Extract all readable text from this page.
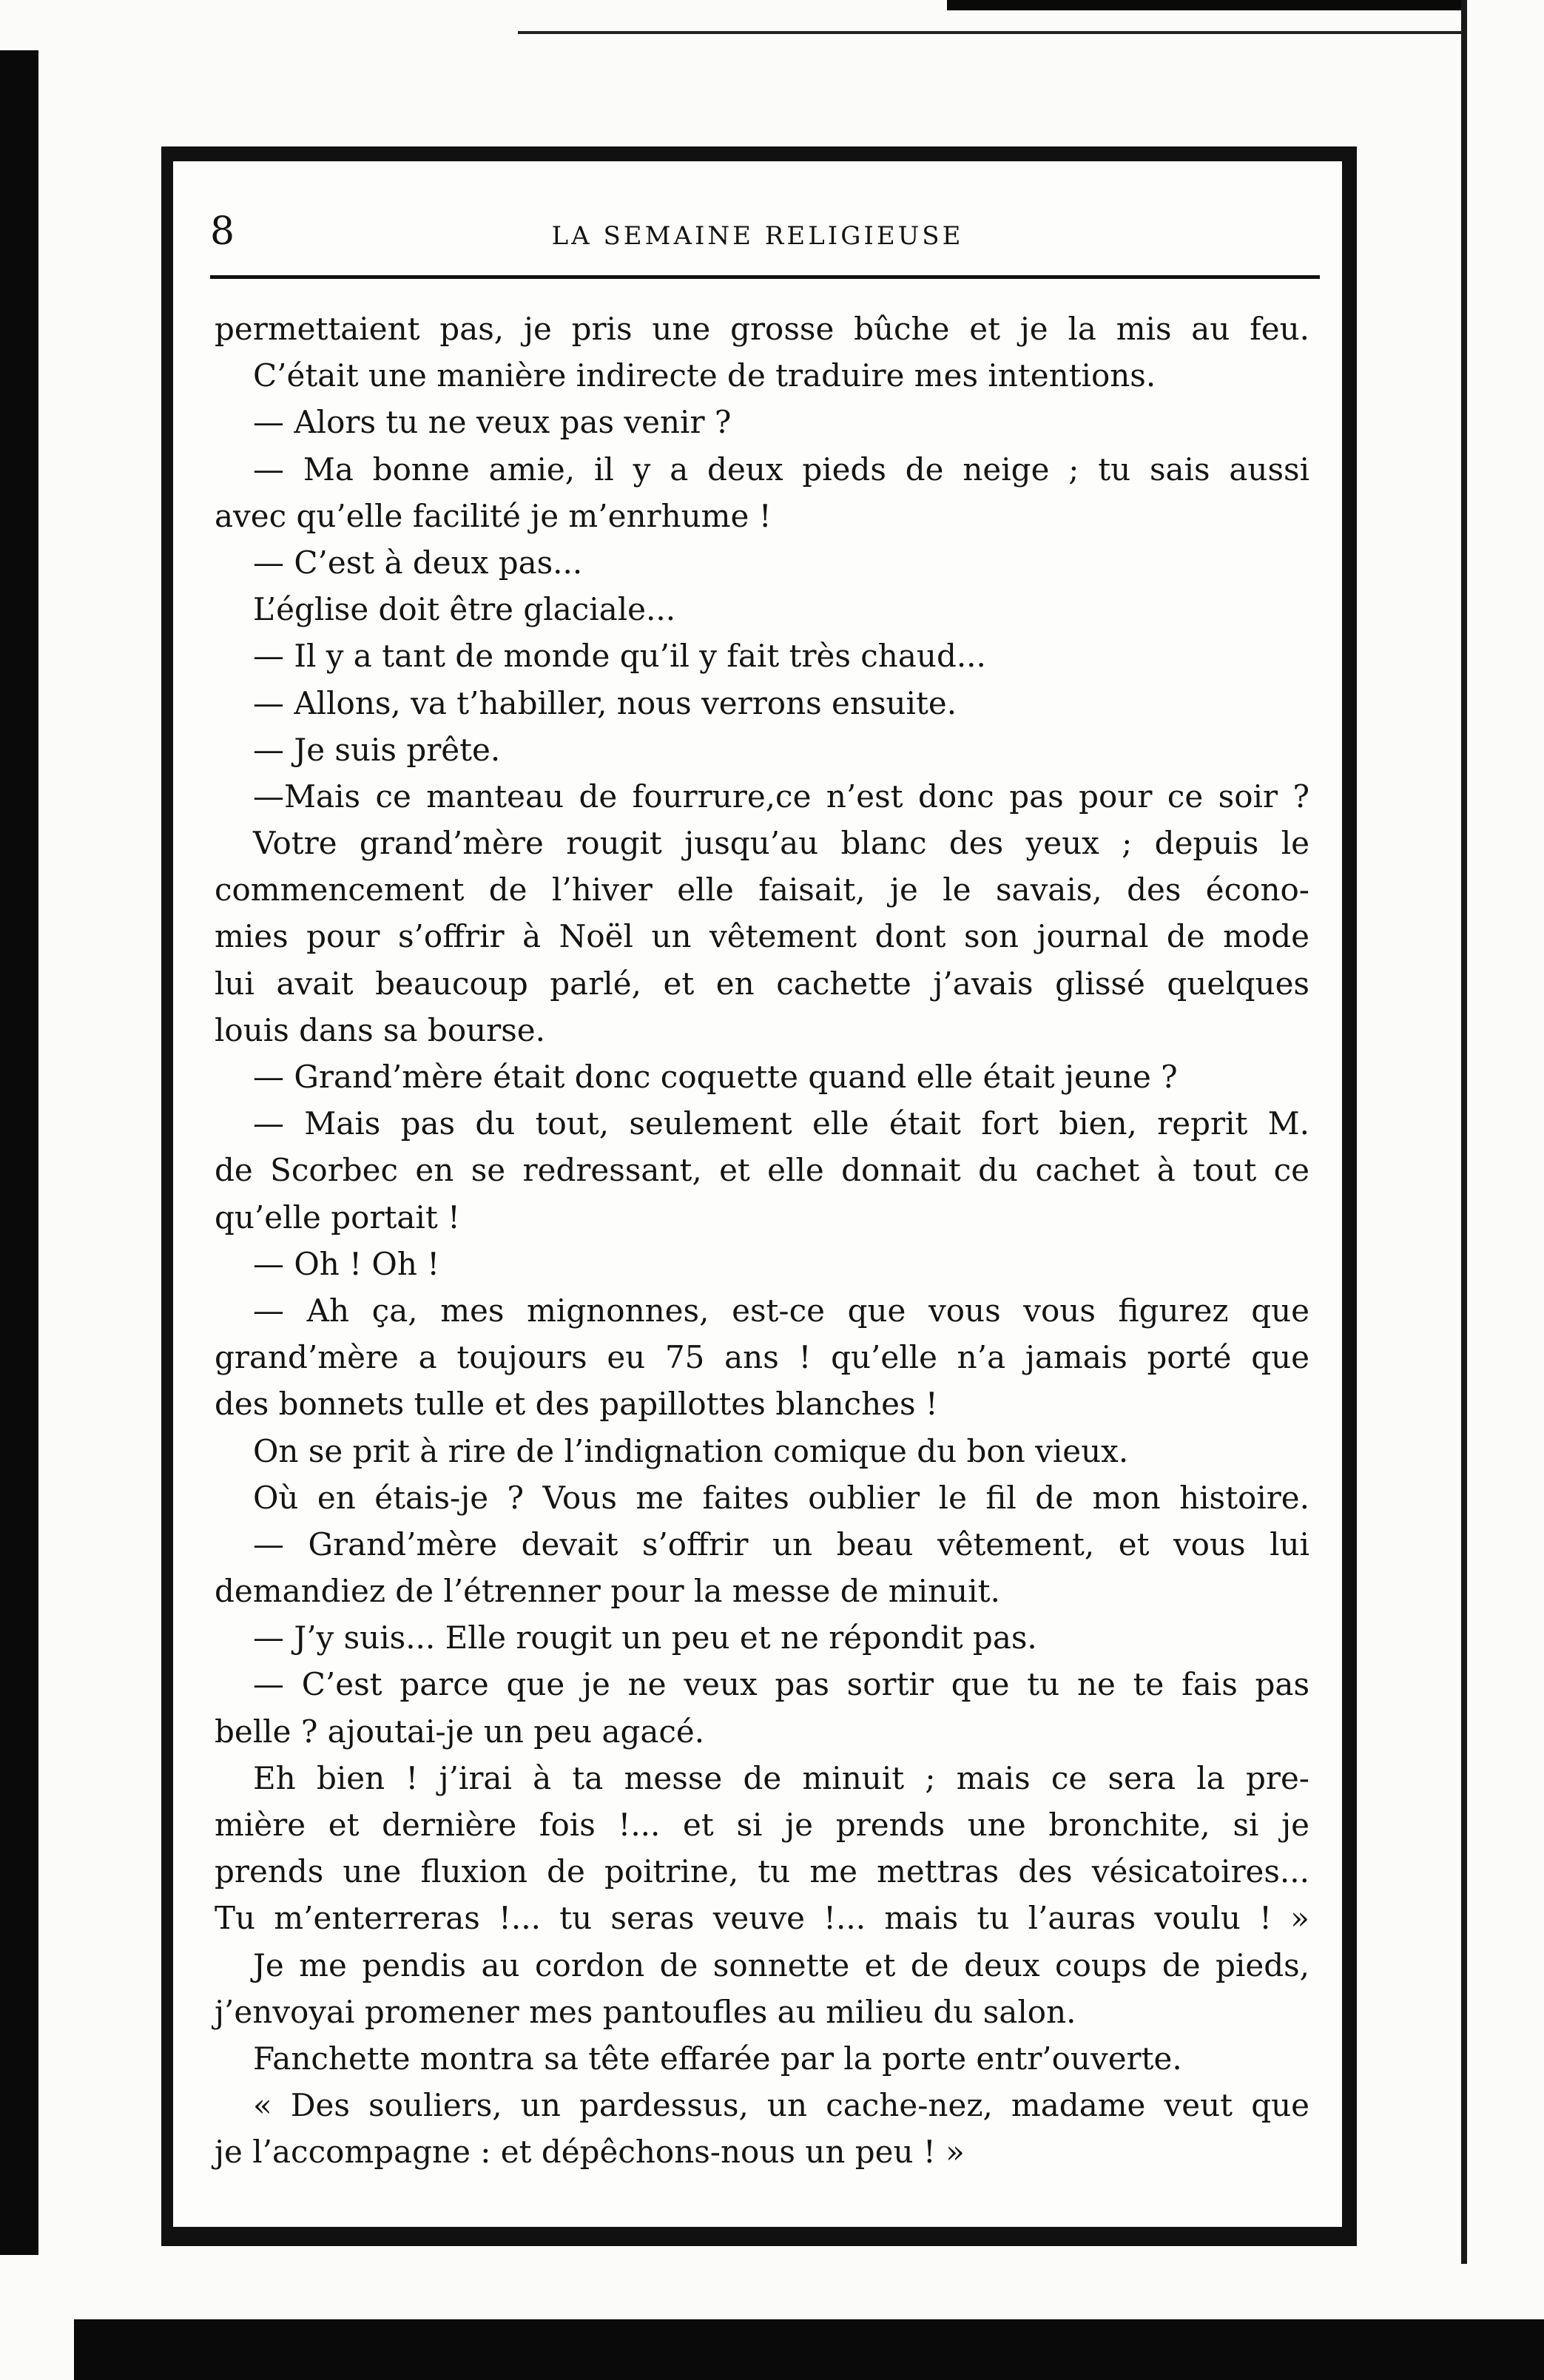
8	LA SEMAINE RELIGIEUSE
permettaient pas, je pris une grosse bûche et je la mis au feu.
C’était une manière indirecte de traduire mes intentions.
— Alors tu ne veux pas venir ?
— Ma bonne amie, il y a deux pieds de neige ; tu sais aussi
avec qu’elle facilité je m’enrhume !
— C’est à deux pas...
L’église doit être glaciale...
— Il y a tant de monde qu’il y fait très chaud...
— Allons, va t’habiller, nous verrons ensuite.
— Je suis prête.
—Mais ce manteau de fourrure,ce n’est donc pas pour ce soir ?
Votre grand’mère rougit jusqu’au blanc des yeux ; depuis le
commencement de l’hiver elle faisait, je le savais, des écono-
mies pour s’offrir à Noël un vêtement dont son journal de mode
lui avait beaucoup parlé, et en cachette j’avais glissé quelques
louis dans sa bourse.
— Grand’mère était donc coquette quand elle était jeune ?
— Mais pas du tout, seulement elle était fort bien, reprit M.
de Scorbec en se redressant, et elle donnait du cachet à tout ce
qu’elle portait !
— Oh ! Oh !
— Ah ça, mes mignonnes, est-ce que vous vous figurez que
grand’mère a toujours eu 75 ans ! qu’elle n’a jamais porté que
des bonnets tulle et des papillottes blanches !
On se prit à rire de l’indignation comique du bon vieux.
Où en étais-je ? Vous me faites oublier le fil de mon histoire.
— Grand’mère devait s’offrir un beau vêtement, et vous lui
demandiez de l’étrenner pour la messe de minuit.
— J’y suis... Elle rougit un peu et ne répondit pas.
— C’est parce que je ne veux pas sortir que tu ne te fais pas
belle ? ajoutai-je un peu agacé.
Eh bien ! j’irai à ta messe de minuit ; mais ce sera la pre-
mière et dernière fois !... et si je prends une bronchite, si je
prends une fluxion de poitrine, tu me mettras des vésicatoires...
Tu m’enterreras !... tu seras veuve !... mais tu l’auras voulu ! »
Je me pendis au cordon de sonnette et de deux coups de pieds,
j’envoyai promener mes pantoufles au milieu du salon.
Fanchette montra sa tête effarée par la porte entr’ouverte.
« Des souliers, un pardessus, un cache-nez, madame veut que
je l’accompagne : et dépêchons-nous un peu ! »
